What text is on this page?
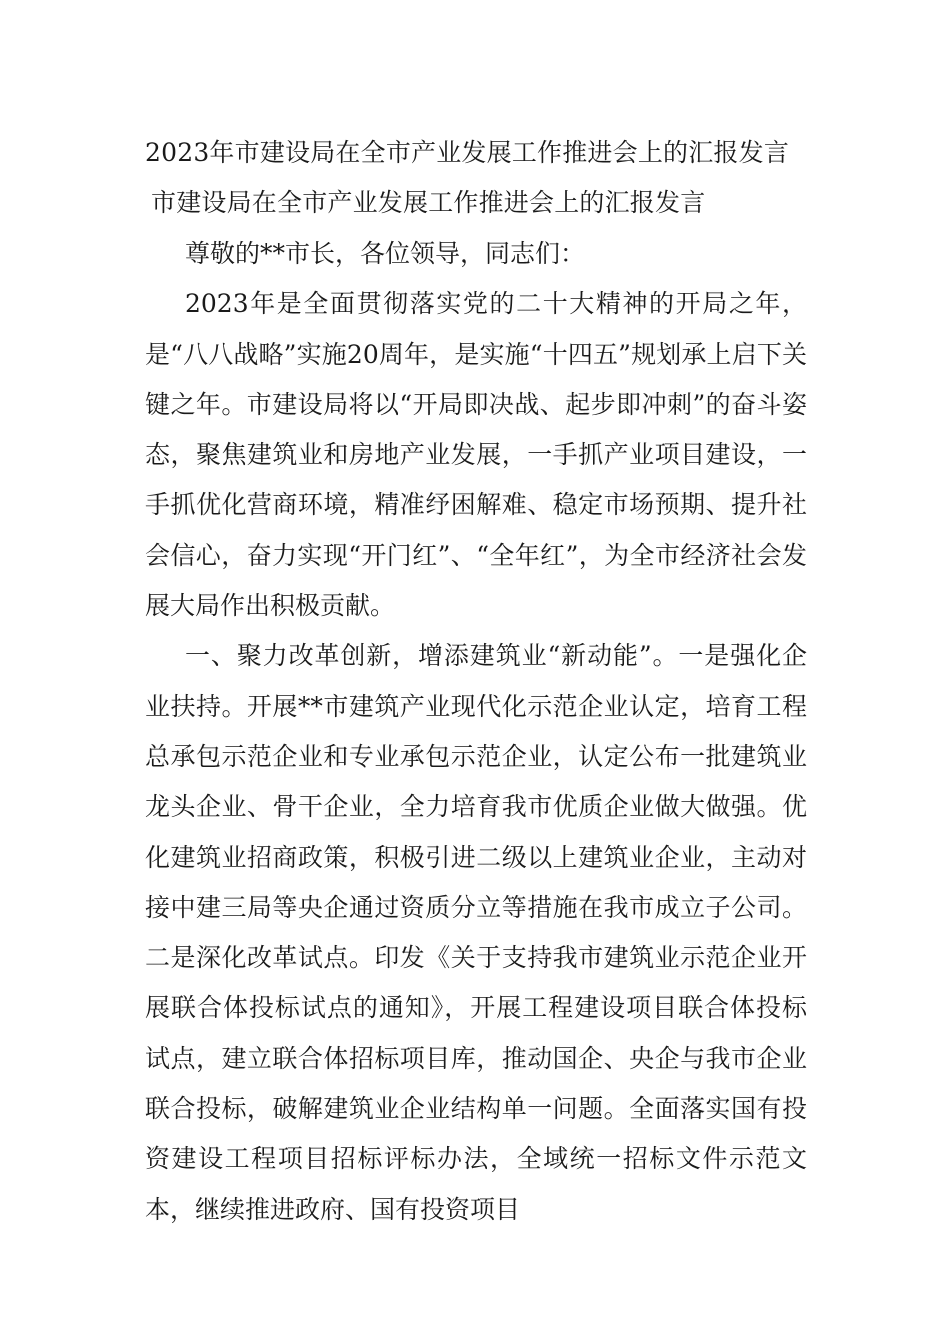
2023年市建设局在全市产业发展工作推进会上的汇报发言

市建设局在全市产业发展工作推进会上的汇报发言

尊敬的**市长，各位领导，同志们：

2023年是全面贯彻落实党的二十大精神的开局之年，是“八八战略”实施20周年，是实施“十四五”规划承上启下关键之年。市建设局将以“开局即决战、起步即冲刺”的奋斗姿态，聚焦建筑业和房地产业发展，一手抓产业项目建设，一手抓优化营商环境，精准纾困解难、稳定市场预期、提升社会信心，奋力实现“开门红”、“全年红”，为全市经济社会发展大局作出积极贡献。

一、聚力改革创新，增添建筑业“新动能”。一是强化企业扶持。开展**市建筑产业现代化示范企业认定，培育工程总承包示范企业和专业承包示范企业，认定公布一批建筑业龙头企业、骨干企业，全力培育我市优质企业做大做强。优化建筑业招商政策，积极引进二级以上建筑业企业，主动对接中建三局等央企通过资质分立等措施在我市成立子公司。二是深化改革试点。印发《关于支持我市建筑业示范企业开展联合体投标试点的通知》，开展工程建设项目联合体投标试点，建立联合体招标项目库，推动国企、央企与我市企业联合投标，破解建筑业企业结构单一问题。全面落实国有投资建设工程项目招标评标办法，全域统一招标文件示范文本，继续推进政府、国有投资项目
